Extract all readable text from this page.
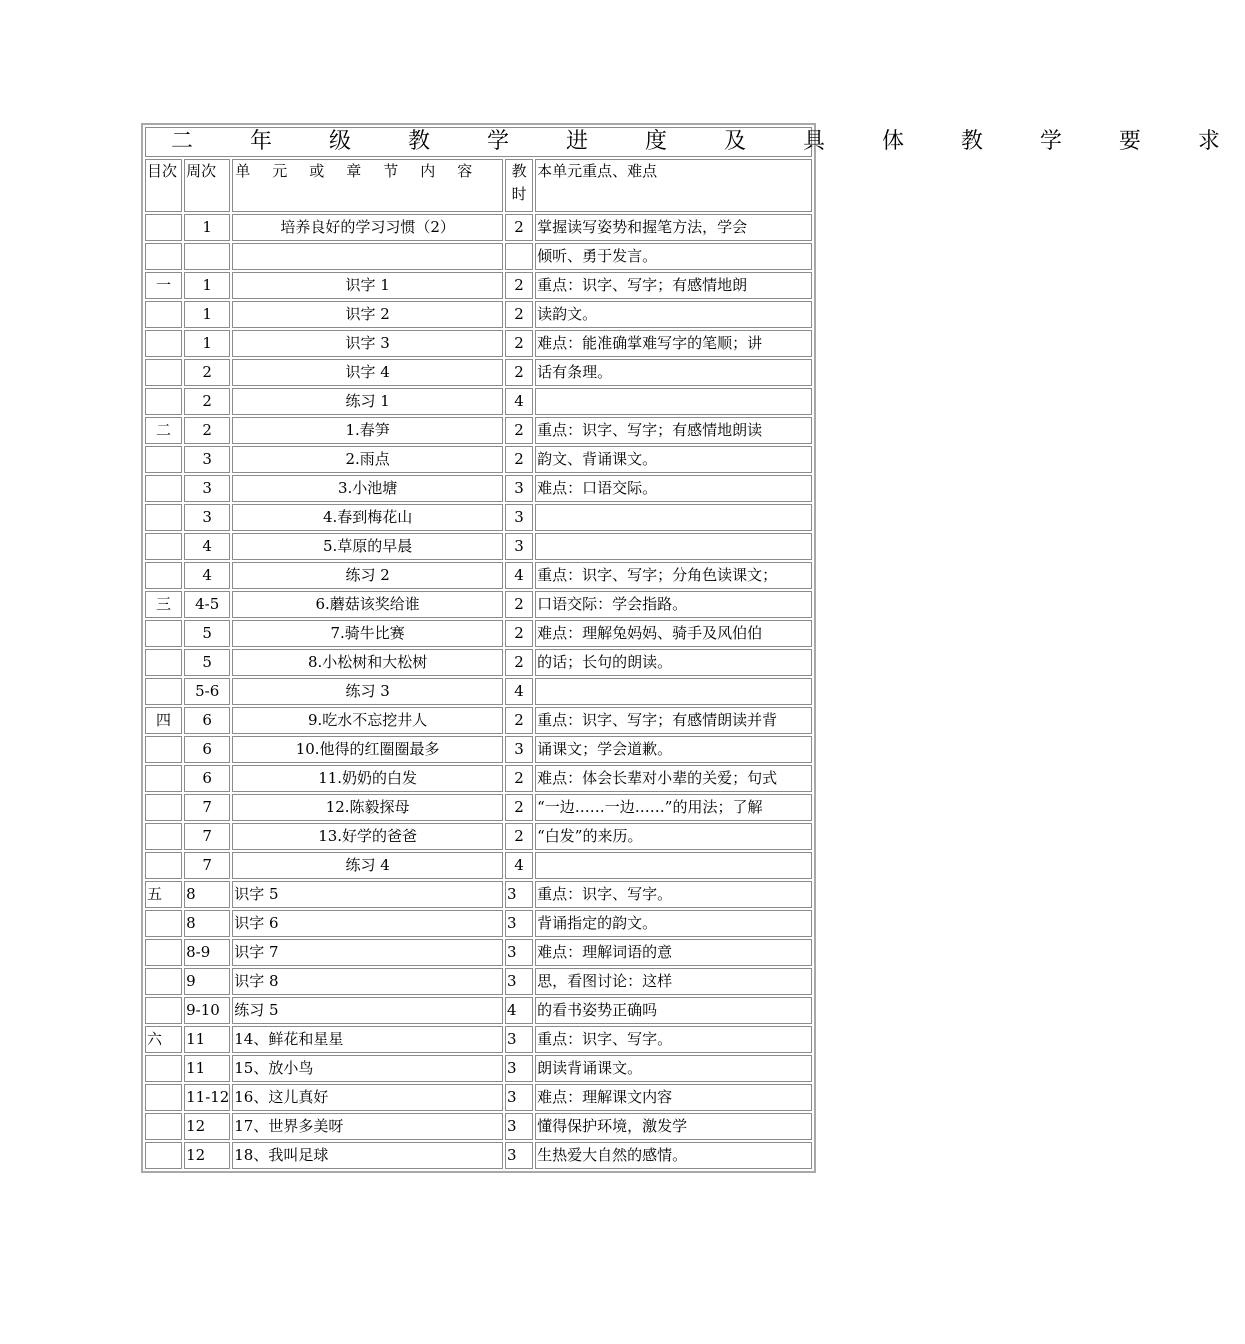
二 年 级 教 学 进 度 及 具 体 教 学 要 求				
目次	周次	单元或章节内容	教时	本单元重点、难点
	1	培养良好的学习习惯（2）	2	掌握读写姿势和握笔方法，学会
				倾听、勇于发言。
一	1	识字 1	2	重点：识字、写字；有感情地朗
	1	识字 2	2	读韵文。
	1	识字 3	2	难点：能准确掌难写字的笔顺；讲
	2	识字 4	2	话有条理。
	2	练习 1	4	
二	2	1.春笋	2	重点：识字、写字；有感情地朗读
	3	2.雨点	2	韵文、背诵课文。
	3	3.小池塘	3	难点：口语交际。
	3	4.春到梅花山	3	
	4	5.草原的早晨	3	
	4	练习 2	4	重点：识字、写字；分角色读课文；
三	4-5	6.蘑菇该奖给谁	2	口语交际：学会指路。
	5	7.骑牛比赛	2	难点：理解兔妈妈、骑手及风伯伯
	5	8.小松树和大松树	2	的话；长句的朗读。
	5-6	练习 3	4	
四	6	9.吃水不忘挖井人	2	重点：识字、写字；有感情朗读并背
	6	10.他得的红圈圈最多	3	诵课文；学会道歉。
	6	11.奶奶的白发	2	难点：体会长辈对小辈的关爱；句式
	7	12.陈毅探母	2	“一边……一边……”的用法；了解
	7	13.好学的爸爸	2	“白发”的来历。
	7	练习 4	4	
五	8	识字 5	3	重点：识字、写字。
	8	识字 6	3	背诵指定的韵文。
	8-9	识字 7	3	难点：理解词语的意
	9	识字 8	3	思，看图讨论：这样
	9-10	练习 5	4	的看书姿势正确吗
六	11	14、鲜花和星星	3	重点：识字、写字。
	11	15、放小鸟	3	朗读背诵课文。
	11-12	16、这儿真好	3	难点：理解课文内容
	12	17、世界多美呀	3	懂得保护环境，激发学
	12	18、我叫足球	3	生热爱大自然的感情。
